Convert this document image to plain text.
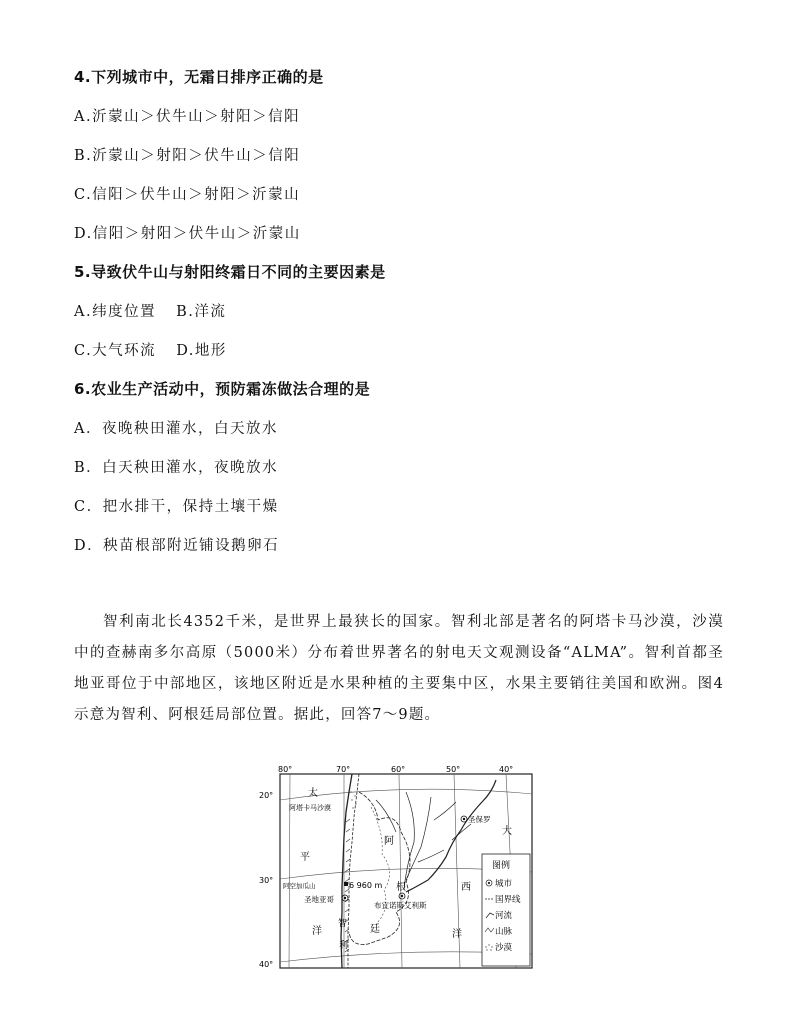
4.下列城市中，无霜日排序正确的是
A.沂蒙山＞伏牛山＞射阳＞信阳
B.沂蒙山＞射阳＞伏牛山＞信阳
C.信阳＞伏牛山＞射阳＞沂蒙山
D.信阳＞射阳＞伏牛山＞沂蒙山
5.导致伏牛山与射阳终霜日不同的主要因素是
A.纬度位置 B.洋流
C.大气环流 D.地形
6.农业生产活动中，预防霜冻做法合理的是
A．夜晚秧田灌水，白天放水
B．白天秧田灌水，夜晚放水
C．把水排干，保持土壤干燥
D．秧苗根部附近铺设鹅卵石
智利南北长4352千米，是世界上最狭长的国家。智利北部是著名的阿塔卡马沙漠，沙漠中的查赫南多尔高原（5000米）分布着世界著名的射电天文观测设备“ALMA”。智利首都圣地亚哥位于中部地区，该地区附近是水果种植的主要集中区，水果主要销往美国和欧洲。图4示意为智利、阿根廷局部位置。据此，回答7～9题。
80°	70°	60°	50°	40°
20°
30°
40°
图例
城市
国界线
河流
山脉
沙漠
阿塔卡马沙漠
太
平
洋
大
西
洋
智
利
阿
根
廷
阿空加瓜山	6 960 m
圣地亚哥
布宜诺斯艾利斯
圣保罗
